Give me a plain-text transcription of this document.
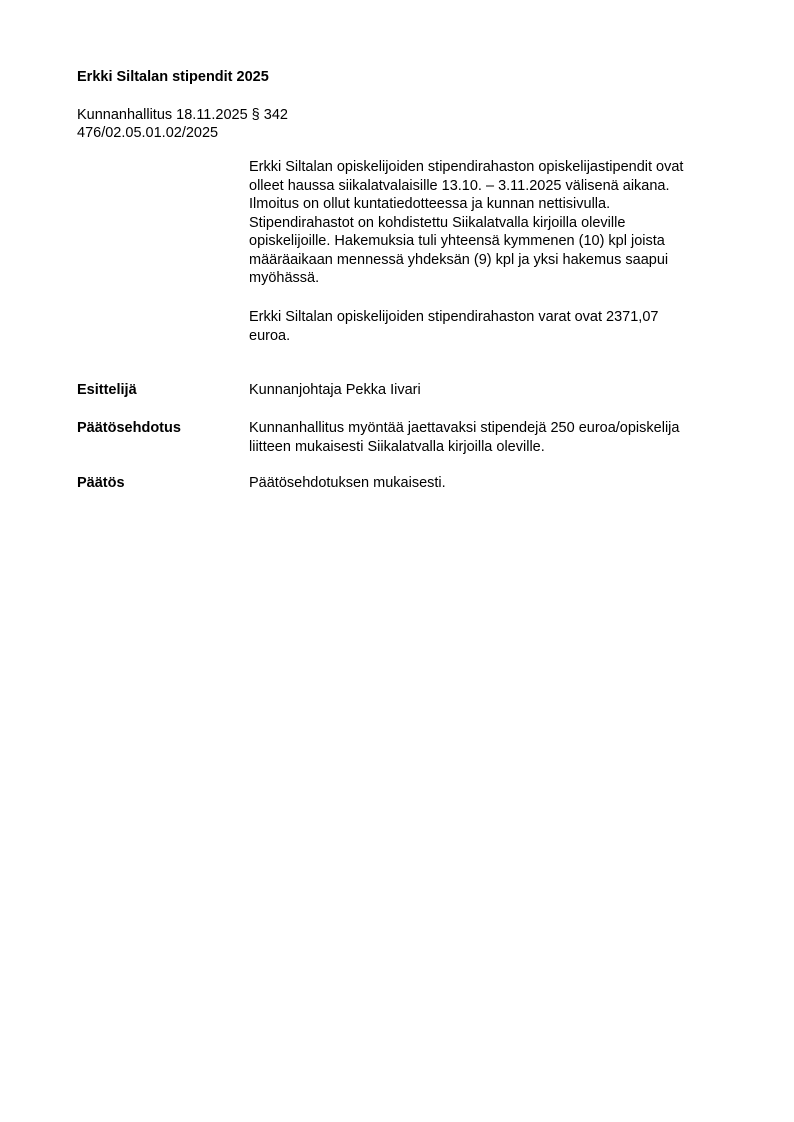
Erkki Siltalan stipendit 2025
Kunnanhallitus 18.11.2025 § 342
476/02.05.01.02/2025
Erkki Siltalan opiskelijoiden stipendirahaston opiskelijastipendit ovat
olleet haussa siikalatvalaisille 13.10. – 3.11.2025 välisenä aikana.
Ilmoitus on ollut kuntatiedotteessa ja kunnan nettisivulla.
Stipendirahastot on kohdistettu Siikalatvalla kirjoilla oleville
opiskelijoille. Hakemuksia tuli yhteensä kymmenen (10) kpl joista
määräaikaan mennessä yhdeksän (9) kpl ja yksi hakemus saapui
myöhässä.
Erkki Siltalan opiskelijoiden stipendirahaston varat ovat 2371,07
euroa.
Esittelijä	Kunnanjohtaja Pekka Iivari
Päätösehdotus	Kunnanhallitus myöntää jaettavaksi stipendejä 250 euroa/opiskelija
liitteen mukaisesti Siikalatvalla kirjoilla oleville.
Päätös	Päätösehdotuksen mukaisesti.
